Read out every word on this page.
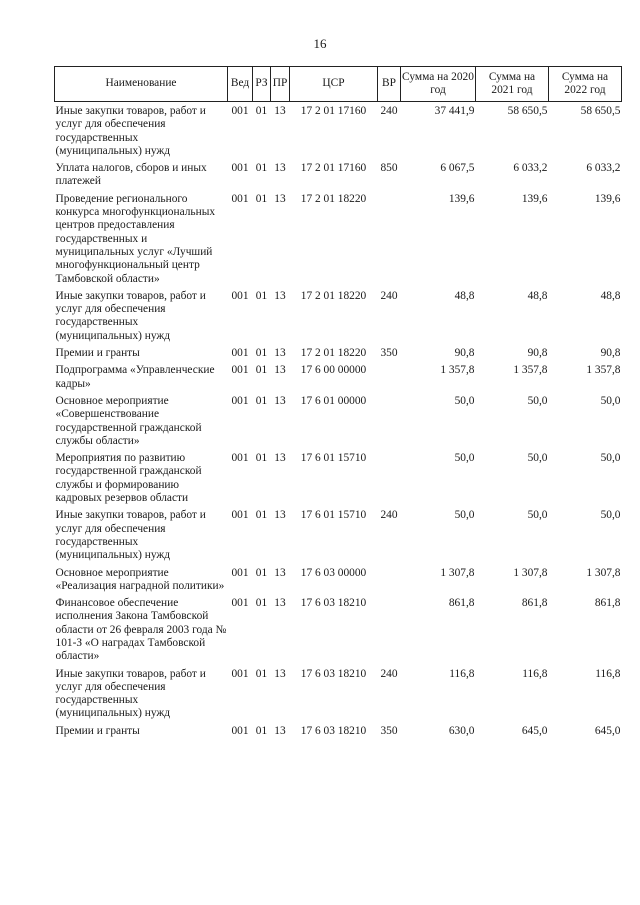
16
Наименование	Вед	РЗ	ПР	ЦСР	ВР	Сумма на 2020 год	Сумма на 2021 год	Сумма на 2022 год
Иные закупки товаров, работ и услуг для обеспечения государственных (муниципальных) нужд	001	01	13	17 2 01 17160	240	37 441,9	58 650,5	58 650,5
Уплата налогов, сборов и иных платежей	001	01	13	17 2 01 17160	850	6 067,5	6 033,2	6 033,2
Проведение регионального конкурса многофункциональных центров предоставления государственных и муниципальных услуг «Лучший многофункциональный центр Тамбовской области»	001	01	13	17 2 01 18220		139,6	139,6	139,6
Иные закупки товаров, работ и услуг для обеспечения государственных (муниципальных) нужд	001	01	13	17 2 01 18220	240	48,8	48,8	48,8
Премии и гранты	001	01	13	17 2 01 18220	350	90,8	90,8	90,8
Подпрограмма «Управленческие кадры»	001	01	13	17 6 00 00000		1 357,8	1 357,8	1 357,8
Основное мероприятие «Совершенствование государственной гражданской службы области»	001	01	13	17 6 01 00000		50,0	50,0	50,0
Мероприятия по развитию государственной гражданской службы и формированию кадровых резервов области	001	01	13	17 6 01 15710		50,0	50,0	50,0
Иные закупки товаров, работ и услуг для обеспечения государственных (муниципальных) нужд	001	01	13	17 6 01 15710	240	50,0	50,0	50,0
Основное мероприятие «Реализация наградной политики»	001	01	13	17 6 03 00000		1 307,8	1 307,8	1 307,8
Финансовое обеспечение исполнения Закона Тамбовской области от 26 февраля 2003 года № 101-З «О наградах Тамбовской области»	001	01	13	17 6 03 18210		861,8	861,8	861,8
Иные закупки товаров, работ и услуг для обеспечения государственных (муниципальных) нужд	001	01	13	17 6 03 18210	240	116,8	116,8	116,8
Премии и гранты	001	01	13	17 6 03 18210	350	630,0	645,0	645,0
